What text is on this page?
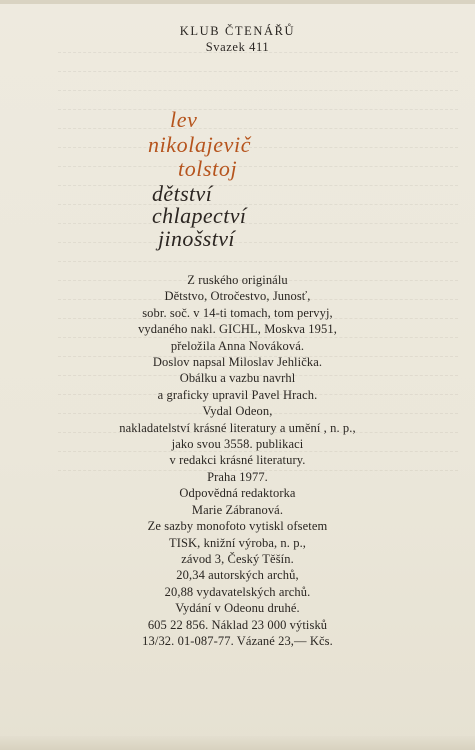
KLUB ČTENÁŘŮ
Svazek 411
lev
nikolajevič
tolstoj
dětství
chlapectví
jinošství
Z ruského originálu
Dětstvo, Otročestvo, Junosť,
sobr. soč. v 14-ti tomach, tom pervyj,
vydaného nakl. GICHL, Moskva 1951,
přeložila Anna Nováková.
Doslov napsal Miloslav Jehlička.
Obálku a vazbu navrhl
a graficky upravil Pavel Hrach.
Vydal Odeon,
nakladatelství krásné literatury a umění , n. p.,
jako svou 3558. publikaci
v redakci krásné literatury.
Praha 1977.
Odpovědná redaktorka
Marie Zábranová.
Ze sazby monofoto vytiskl ofsetem
TISK, knižní výroba, n. p.,
závod 3, Český Těšín.
20,34 autorských archů,
20,88 vydavatelských archů.
Vydání v Odeonu druhé.
605 22 856. Náklad 23 000 výtisků
13/32. 01-087-77. Vázané 23,— Kčs.
